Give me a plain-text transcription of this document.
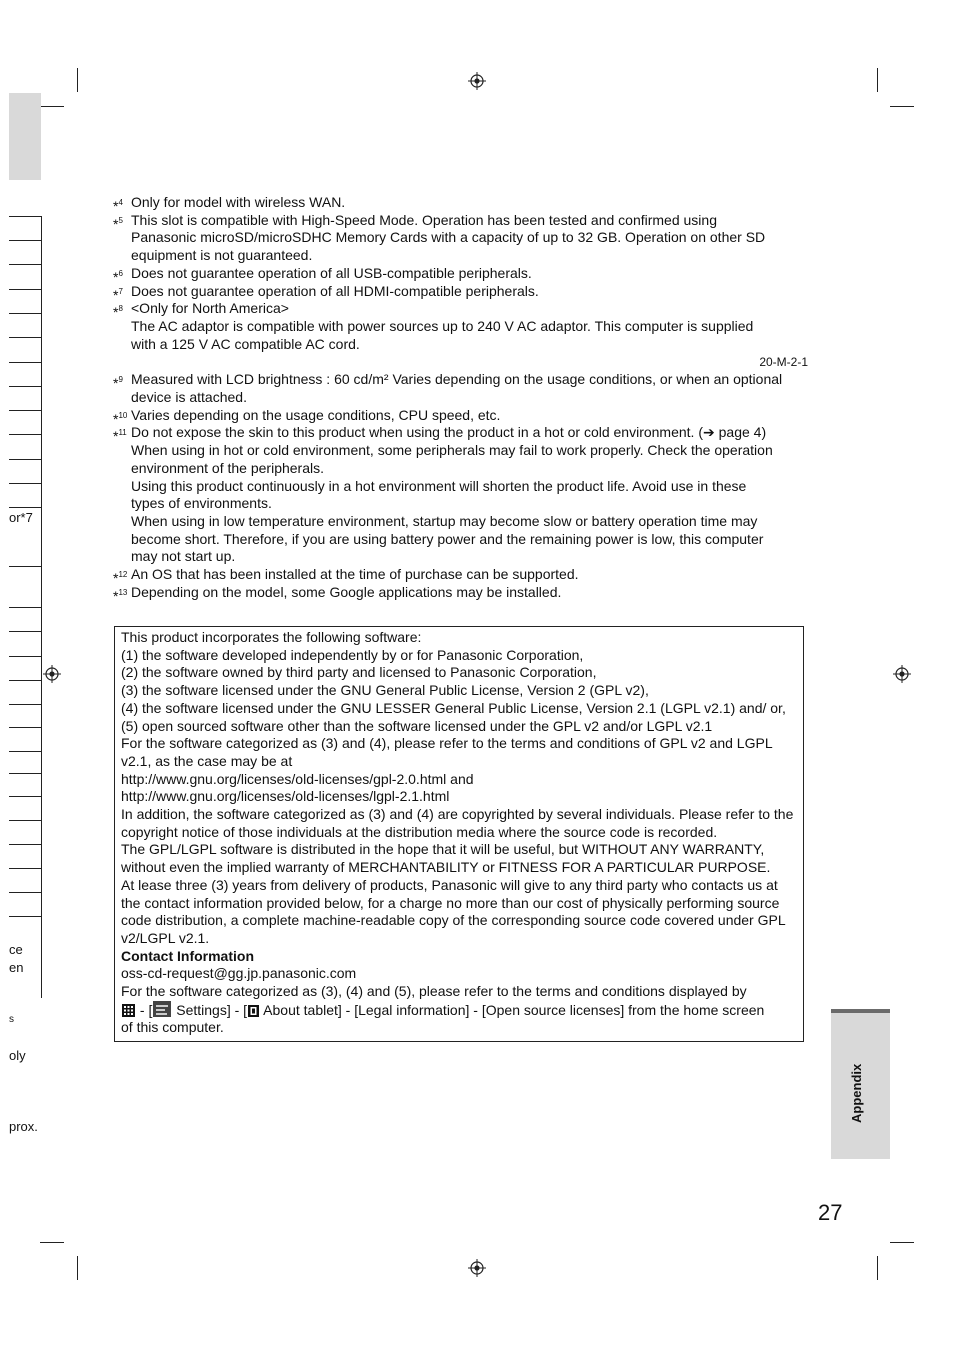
or*7
ce
en
s
oly
prox.
*$^4$ Only for model with wireless WAN.

*$^5$ This slot is compatible with High-Speed Mode. Operation has been tested and confirmed using

Panasonic microSD/microSDHC Memory Cards with a capacity of up to 32 GB. Operation on other SD

equipment is not guaranteed.

*$^6$ Does not guarantee operation of all USB-compatible peripherals.

*$^7$ Does not guarantee operation of all HDMI-compatible peripherals.

*$^8$ <Only for North America>

The AC adaptor is compatible with power sources up to 240 V AC adaptor. This computer is supplied

with a 125 V AC compatible AC cord.

20-M-2-1
*$^9$ Measured with LCD brightness : 60 cd/m² Varies depending on the usage conditions, or when an optional

device is attached.

*$^{10}$ Varies depending on the usage conditions, CPU speed, etc.

*$^{11}$ Do not expose the skin to this product when using the product in a hot or cold environment. (➔ page 4)

When using in hot or cold environment, some peripherals may fail to work properly. Check the operation

environment of the peripherals.

Using this product continuously in a hot environment will shorten the product life. Avoid use in these

types of environments.

When using in low temperature environment, startup may become slow or battery operation time may

become short. Therefore, if you are using battery power and the remaining power is low, this computer

may not start up.

*$^{12}$ An OS that has been installed at the time of purchase can be supported.

*$^{13}$ Depending on the model, some Google applications may be installed.

This product incorporates the following software:

(1) the software developed independently by or for Panasonic Corporation,

(2) the software owned by third party and licensed to Panasonic Corporation,

(3) the software licensed under the GNU General Public License, Version 2 (GPL v2),

(4) the software licensed under the GNU LESSER General Public License, Version 2.1 (LGPL v2.1) and/ or,

(5) open sourced software other than the software licensed under the GPL v2 and/or LGPL v2.1

For the software categorized as (3) and (4), please refer to the terms and conditions of GPL v2 and LGPL v2.1, as the case may be at

http://www.gnu.org/licenses/old-licenses/gpl-2.0.html and

http://www.gnu.org/licenses/old-licenses/lgpl-2.1.html

In addition, the software categorized as (3) and (4) are copyrighted by several individuals. Please refer to the copyright notice of those individuals at the distribution media where the source code is recorded.

The GPL/LGPL software is distributed in the hope that it will be useful, but WITHOUT ANY WARRANTY, without even the implied warranty of MERCHANTABILITY or FITNESS FOR A PARTICULAR PURPOSE.

At lease three (3) years from delivery of products, Panasonic will give to any third party who contacts us at the contact information provided below, for a charge no more than our cost of physically performing source code distribution, a complete machine-readable copy of the corresponding source code covered under GPL v2/LGPL v2.1.

Contact Information

oss-cd-request@gg.jp.panasonic.com

For the software categorized as (3), (4) and (5), please refer to the terms and conditions displayed by

- [ Settings] - [ About tablet] - [Legal information] - [Open source licenses] from the home screen

of this computer.

Appendix
27
